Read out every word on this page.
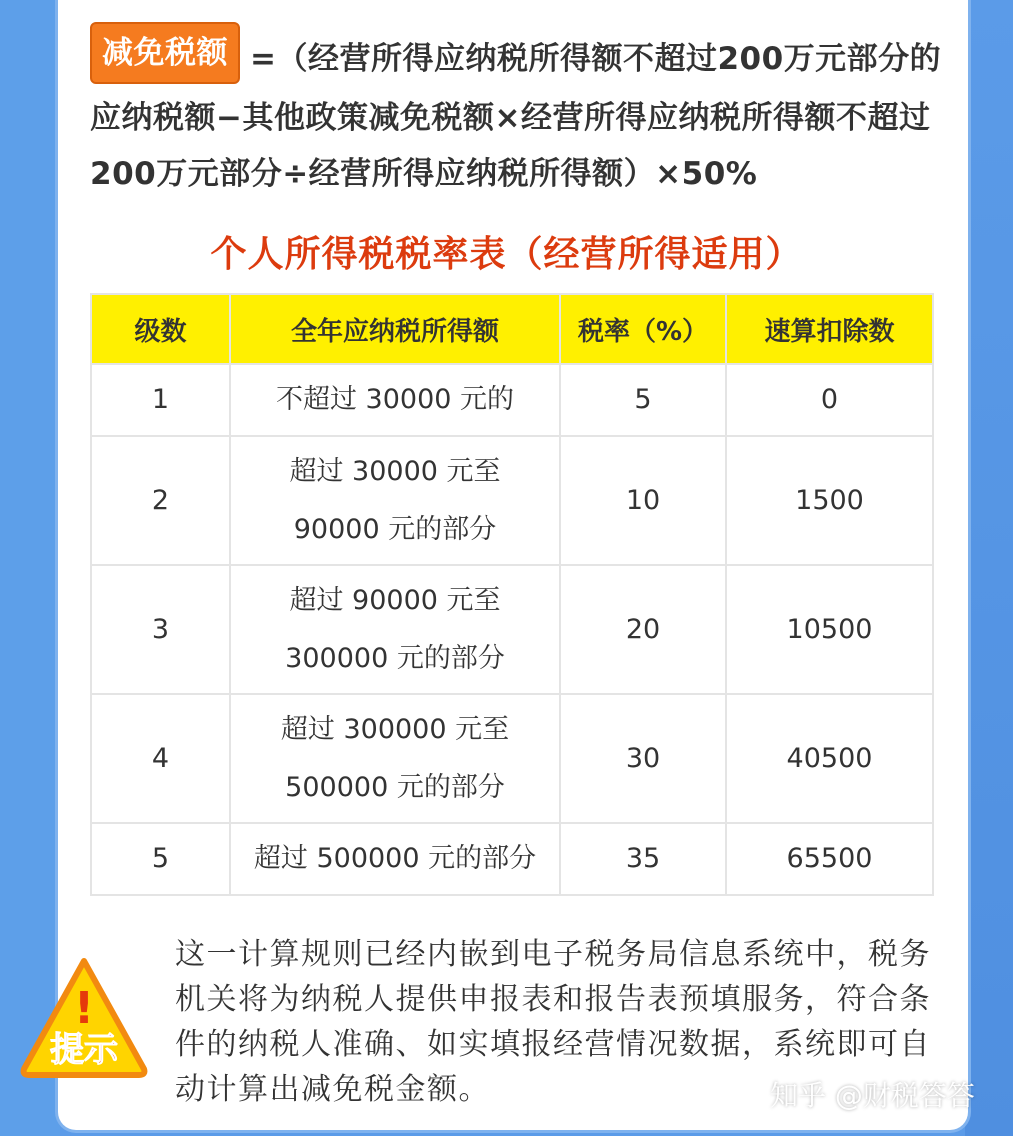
减免税额 =（经营所得应纳税所得额不超过200万元部分的应纳税额−其他政策减免税额×经营所得应纳税所得额不超过200万元部分÷经营所得应纳税所得额）×50%
个人所得税税率表（经营所得适用）
级数	全年应纳税所得额	税率（%）	速算扣除数
1	不超过 30000 元的	5	0
2	超过 30000 元至
90000 元的部分	10	1500
3	超过 90000 元至
300000 元的部分	20	10500
4	超过 300000 元至
500000 元的部分	30	40500
5	超过 500000 元的部分	35	65500
!
提示
这一计算规则已经内嵌到电子税务局信息系统中，税务机关将为纳税人提供申报表和报告表预填服务，符合条件的纳税人准确、如实填报经营情况数据，系统即可自动计算出减免税金额。	知乎 @财税答答
